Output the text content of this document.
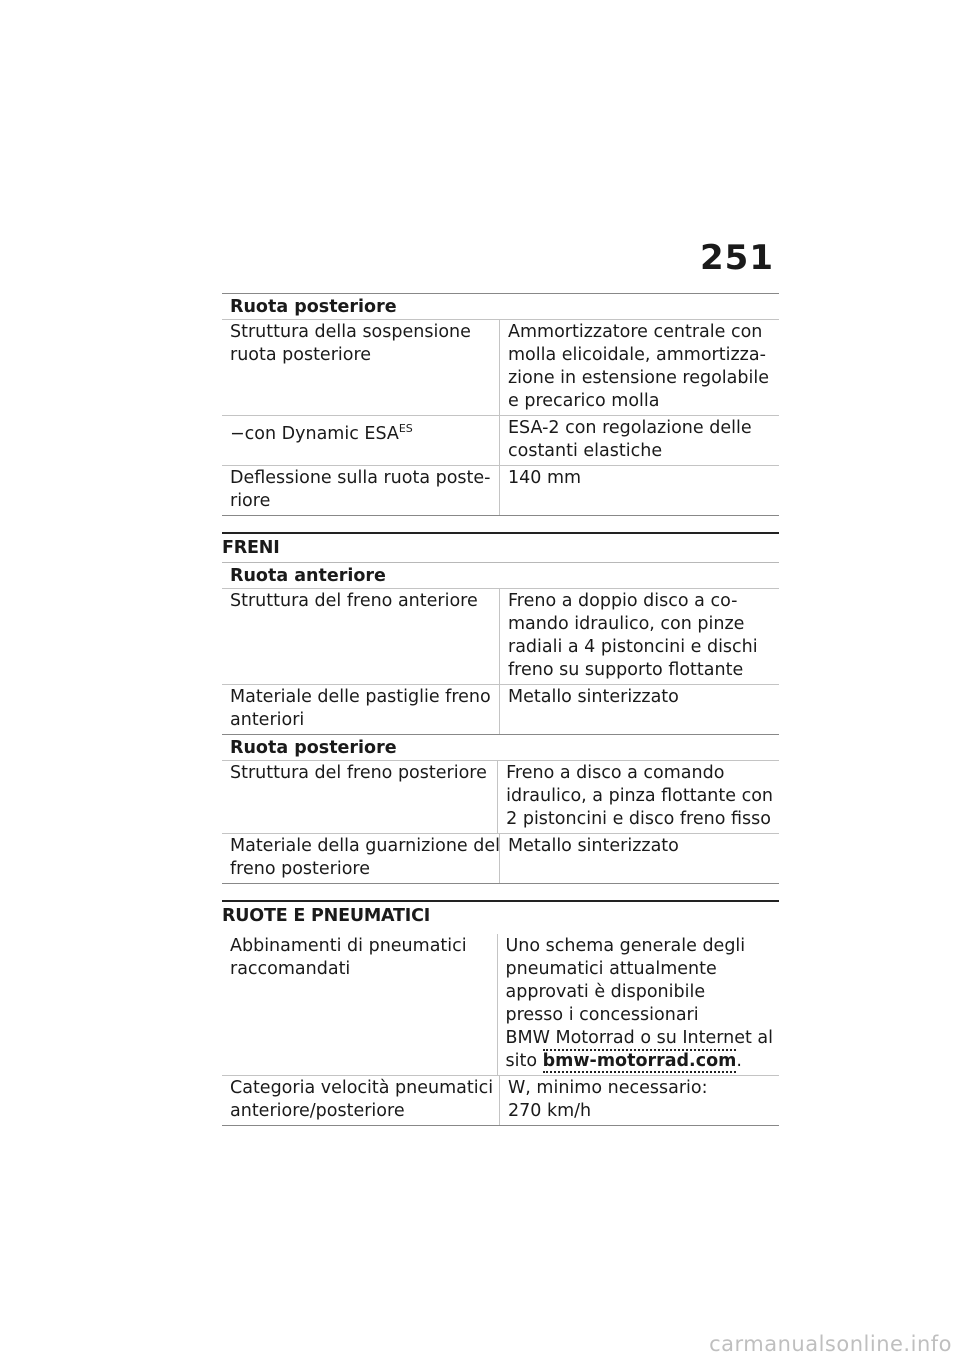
251
Ruota posteriore
Struttura della sospensione
ruota posteriore
Ammortizzatore centrale con
molla elicoidale, ammortizza-
zione in estensione regolabile
e precarico molla
−con Dynamic $ESA^{ES}$	ESA-2 con regolazione delle
costanti elastiche
Deflessione sulla ruota poste-
riore
140 mm
FRENI
Ruota anteriore
Struttura del freno anteriore	Freno a doppio disco a co-
mando idraulico, con pinze
radiali a 4 pistoncini e dischi
freno su supporto flottante
Materiale delle pastiglie freno
anteriori
Metallo sinterizzato
Ruota posteriore
Struttura del freno posteriore Freno a disco a comando
idraulico, a pinza flottante con
2 pistoncini e disco freno fisso
Materiale della guarnizione del
freno posteriore
Metallo sinterizzato
RUOTE E PNEUMATICI
Abbinamenti di pneumatici
raccomandati
Uno schema generale degli
pneumatici attualmente
approvati è disponibile
presso i concessionari
BMW Motorrad o su Internet al
sito bmw-motorrad.com.
Categoria velocità pneumatici
anteriore/posteriore
W, minimo necessario:
270 km/h
carmanualsonline.info
